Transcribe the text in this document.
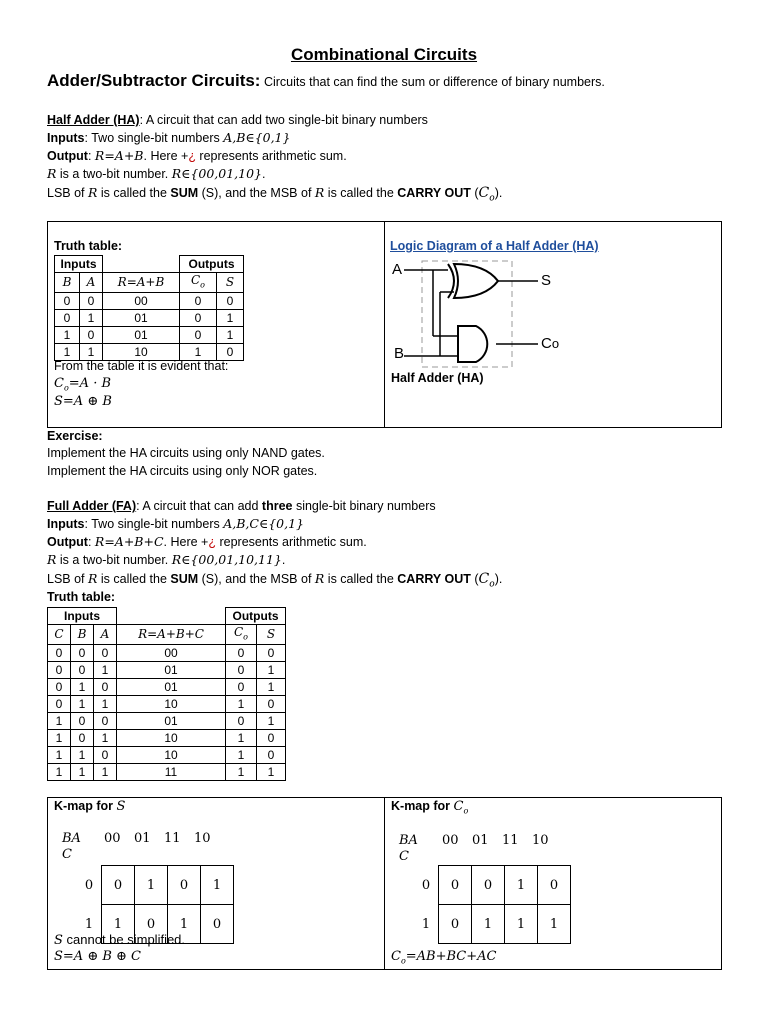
Combinational Circuits
Adder/Subtractor Circuits: Circuits that can find the sum or difference of binary numbers.
Half Adder (HA): A circuit that can add two single-bit binary numbers
Inputs: Two single-bit numbers A,B∈{0,1}
Output: R=A+B. Here +¿ represents arithmetic sum.
R is a two-bit number. R∈{00,01,10}.
LSB of R is called the SUM (S), and the MSB of R is called the CARRY OUT $(C_o)$.
Truth table:
Inputs			Outputs	
B	A	R=A+B	$C_o$	S
0	0	00	0	0
0	1	01	0	1
1	0	01	0	1
1	1	10	1	0
From the table it is evident that:
$C_o=A \cdot B$
S=A ⊕ B
Logic Diagram of a Half Adder (HA)
A
B
S
Co
Half Adder (HA)
Exercise:
Implement the HA circuits using only NAND gates.
Implement the HA circuits using only NOR gates.
Full Adder (FA): A circuit that can add three single-bit binary numbers
Inputs: Two single-bit numbers A,B,C∈{0,1}
Output: R=A+B+C. Here +¿ represents arithmetic sum.
R is a two-bit number. R∈{00,01,10,11}.
LSB of R is called the SUM (S), and the MSB of R is called the CARRY OUT $(C_o)$.
Truth table:
Inputs				Outputs	
C	B	A	R=A+B+C	$C_o$	S
0	0	0	00	0	0
0	0	1	01	0	1
0	1	0	01	0	1
0	1	1	10	1	0
1	0	0	01	0	1
1	0	1	10	1	0
1	1	0	10	1	0
1	1	1	11	1	1
K-map for S
BA
C
00 01 11 10
0	0	1	0	1
1	1	0	1	0
S cannot be simplified.
S=A ⊕ B ⊕ C
K-map for $C_o$
BA
C
00 01 11 10
0	0	0	1	0
1	0	1	1	1
$C_o=AB+BC+AC$
